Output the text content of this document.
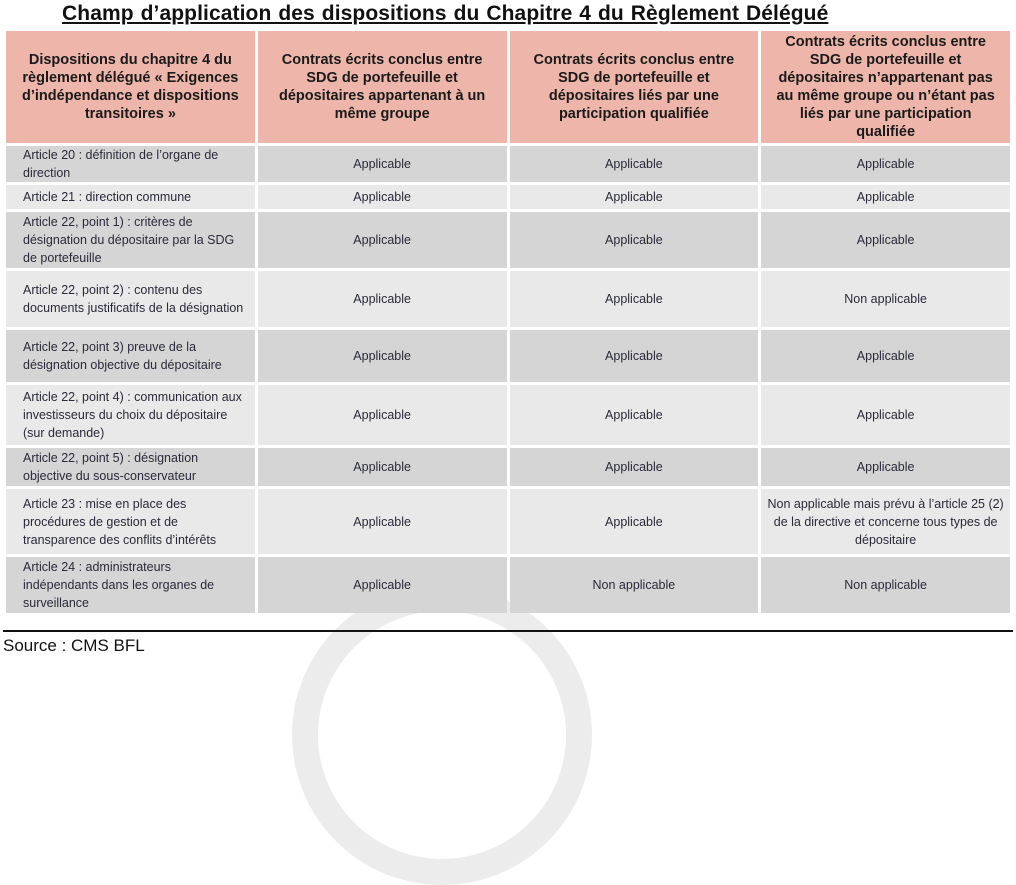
Champ d’application des dispositions du Chapitre 4 du Règlement Délégué
Dispositions du chapitre 4 du règlement délégué « Exigences d’indépendance et dispositions transitoires »	Contrats écrits conclus entre SDG de portefeuille et dépositaires appartenant à un même groupe	Contrats écrits conclus entre SDG de portefeuille et dépositaires liés par une participation qualifiée	Contrats écrits conclus entre SDG de portefeuille et dépositaires n’appartenant pas au même groupe ou n’étant pas liés par une participation qualifiée
Article 20 : définition de l’organe de direction	Applicable	Applicable	Applicable
Article 21 : direction commune	Applicable	Applicable	Applicable
Article 22, point 1) : critères de désignation du dépositaire par la SDG de portefeuille	Applicable	Applicable	Applicable
Article 22, point 2) : contenu des documents justificatifs de la désignation	Applicable	Applicable	Non applicable
Article 22, point 3) preuve de la désignation objective du dépositaire	Applicable	Applicable	Applicable
Article 22, point 4) : communication aux investisseurs du choix du dépositaire (sur demande)	Applicable	Applicable	Applicable
Article 22, point 5) : désignation objective du sous-conservateur	Applicable	Applicable	Applicable
Article 23 : mise en place des procédures de gestion et de transparence des conflits d’intérêts	Applicable	Applicable	Non applicable mais prévu à l’article 25 (2) de la directive et concerne tous types de dépositaire
Article 24 : administrateurs indépendants dans les organes de surveillance	Applicable	Non applicable	Non applicable
Source : CMS BFL
